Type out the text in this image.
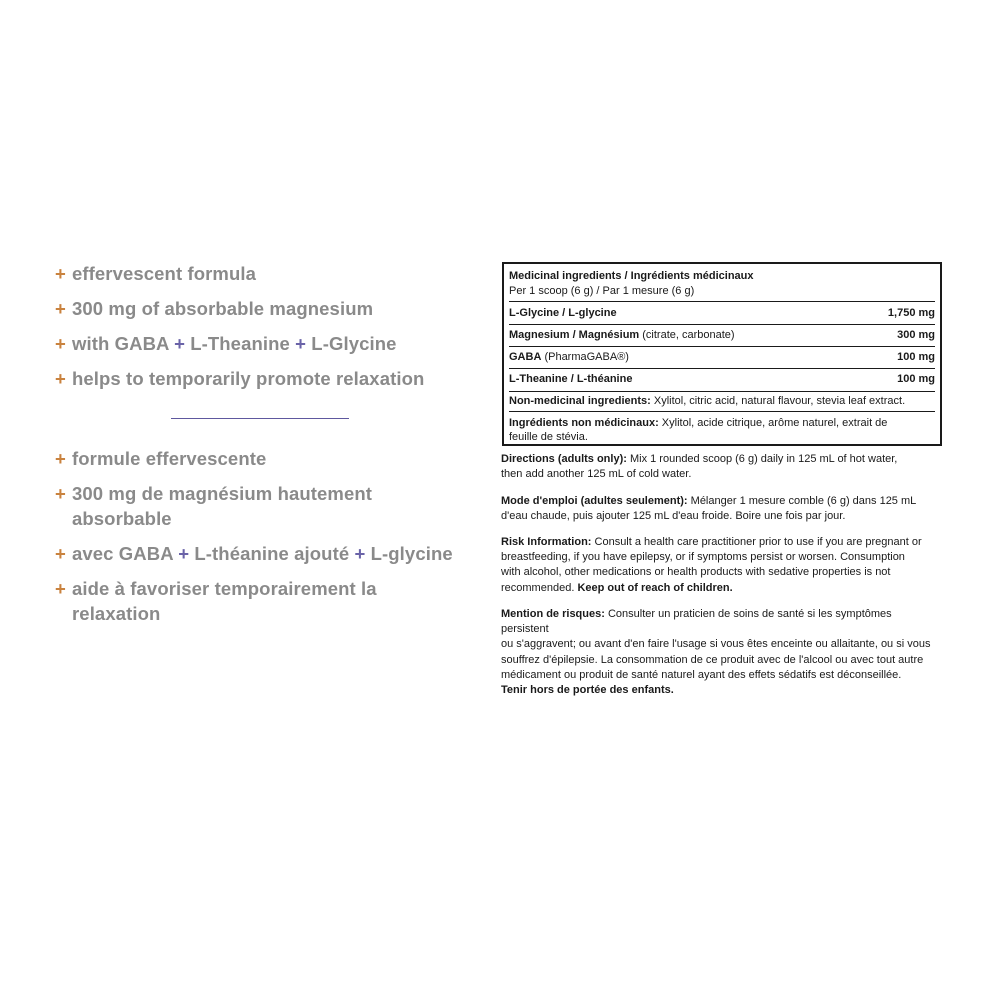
+ effervescent formula
+ 300 mg of absorbable magnesium
+ with GABA + L-Theanine + L-Glycine
+ helps to temporarily promote relaxation
+ formule effervescente
+ 300 mg de magnésium hautement absorbable
+ avec GABA + L-théanine ajouté + L-glycine
+ aide à favoriser temporairement la relaxation
Medicinal ingredients / Ingrédients médicinaux
Per 1 scoop (6 g) / Par 1 mesure (6 g)
L-Glycine / L-glycine	1,750 mg
Magnesium / Magnésium (citrate, carbonate)	300 mg
GABA (PharmaGABA®)	100 mg
L-Theanine / L-théanine	100 mg
Non-medicinal ingredients: Xylitol, citric acid, natural flavour, stevia leaf extract.
Ingrédients non médicinaux: Xylitol, acide citrique, arôme naturel, extrait de
feuille de stévia.
Directions (adults only): Mix 1 rounded scoop (6 g) daily in 125 mL of hot water,
then add another 125 mL of cold water.
Mode d'emploi (adultes seulement): Mélanger 1 mesure comble (6 g) dans 125 mL
d'eau chaude, puis ajouter 125 mL d'eau froide. Boire une fois par jour.
Risk Information: Consult a health care practitioner prior to use if you are pregnant or
breastfeeding, if you have epilepsy, or if symptoms persist or worsen. Consumption
with alcohol, other medications or health products with sedative properties is not
recommended. Keep out of reach of children.
Mention de risques: Consulter un praticien de soins de santé si les symptômes persistent
ou s'aggravent; ou avant d'en faire l'usage si vous êtes enceinte ou allaitante, ou si vous
souffrez d'épilepsie. La consommation de ce produit avec de l'alcool ou avec tout autre
médicament ou produit de santé naturel ayant des effets sédatifs est déconseillée.
Tenir hors de portée des enfants.
